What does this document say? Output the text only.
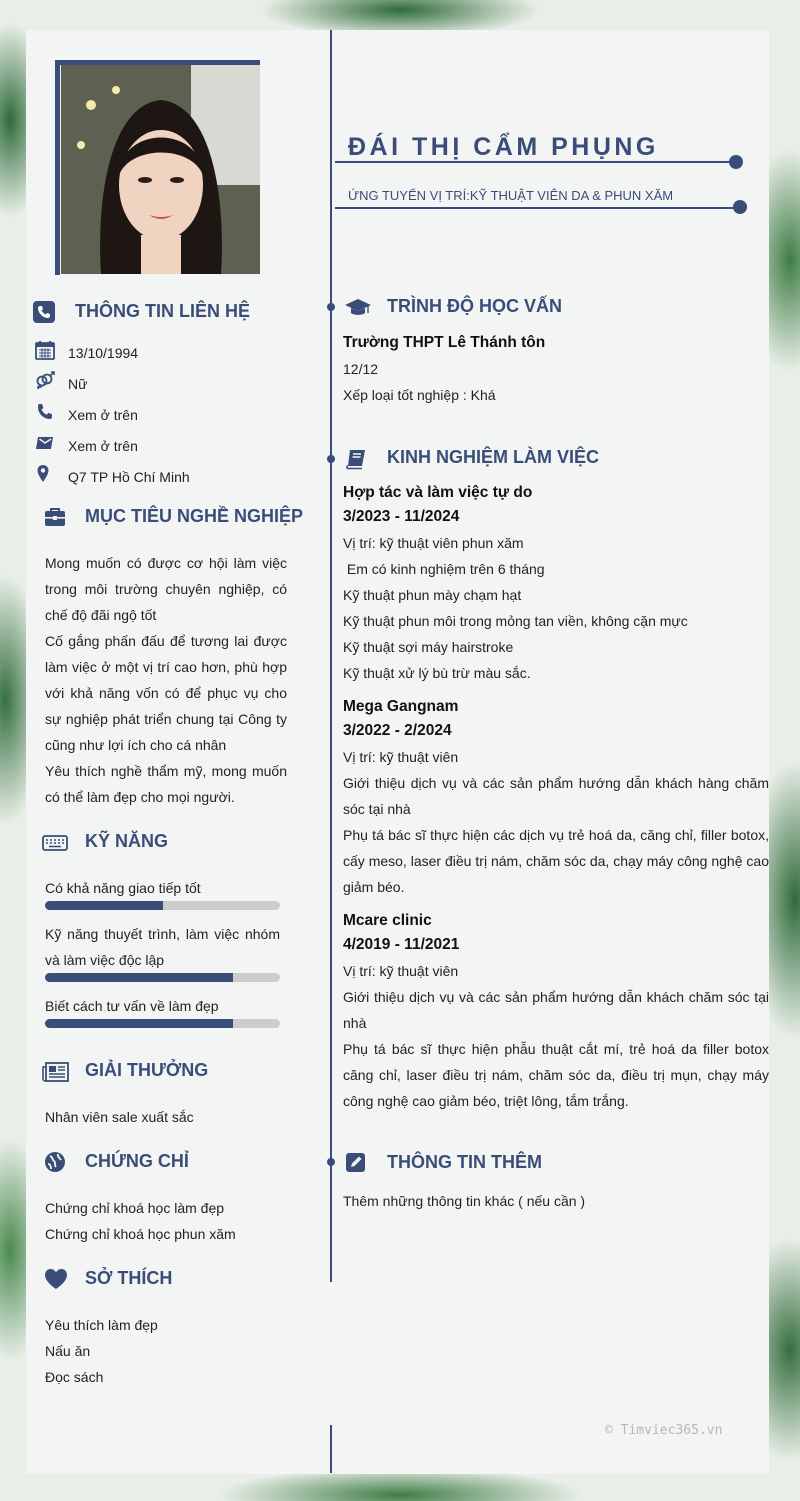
ĐÁI THỊ CẨM PHỤNG
ỨNG TUYỂN VỊ TRÍ:KỸ THUẬT VIÊN DA & PHUN XĂM
THÔNG TIN LIÊN HỆ
13/10/1994
Nữ
Xem ở trên
Xem ở trên
Q7 TP Hồ Chí Minh
MỤC TIÊU NGHỀ NGHIỆP
Mong muốn có được cơ hội làm việc trong môi trường chuyên nghiệp, có chế độ đãi ngộ tốt
Cố gắng phấn đấu để tương lai được làm việc ở một vị trí cao hơn, phù hợp với khả năng vốn có để phục vụ cho sự nghiệp phát triển chung tại Công ty cũng như lợi ích cho cá nhân
Yêu thích nghề thẩm mỹ, mong muốn có thể làm đẹp cho mọi người.
KỸ NĂNG
Có khả năng giao tiếp tốt
Kỹ năng thuyết trình, làm việc nhóm và làm việc độc lập
Biết cách tư vấn về làm đẹp
GIẢI THƯỞNG
Nhân viên sale xuất sắc
CHỨNG CHỈ
Chứng chỉ khoá học làm đẹp
Chứng chỉ khoá học phun xăm
SỞ THÍCH
Yêu thích làm đẹp
Nấu ăn
Đọc sách
TRÌNH ĐỘ HỌC VẤN
Trường THPT Lê Thánh tôn
12/12
Xếp loại tốt nghiệp : Khá
KINH NGHIỆM LÀM VIỆC
Hợp tác và làm việc tự do
3/2023 - 11/2024
Vị trí: kỹ thuật viên phun xăm
Em có kinh nghiệm trên 6 tháng
Kỹ thuật phun mày chạm hạt
Kỹ thuật phun môi trong mỏng tan viền, không cặn mực
Kỹ thuật sợi máy hairstroke
Kỹ thuật xử lý bù trừ màu sắc.
Mega Gangnam
3/2022 - 2/2024
Vị trí: kỹ thuật viên
Giới thiệu dịch vụ và các sản phẩm hướng dẫn khách hàng chăm sóc tại nhà
Phụ tá bác sĩ thực hiện các dịch vụ trẻ hoá da, căng chỉ, filler botox, cấy meso, laser điều trị nám, chăm sóc da, chạy máy công nghệ cao giảm béo.
Mcare clinic
4/2019 - 11/2021
Vị trí: kỹ thuật viên
Giới thiệu dịch vụ và các sản phẩm hướng dẫn khách chăm sóc tại nhà
Phụ tá bác sĩ thực hiện phẫu thuật cắt mí, trẻ hoá da filler botox căng chỉ, laser điều trị nám, chăm sóc da, điều trị mụn, chạy máy công nghệ cao giảm béo, triệt lông, tắm trắng.
THÔNG TIN THÊM
Thêm những thông tin khác ( nếu cần )
© Timviec365.vn
